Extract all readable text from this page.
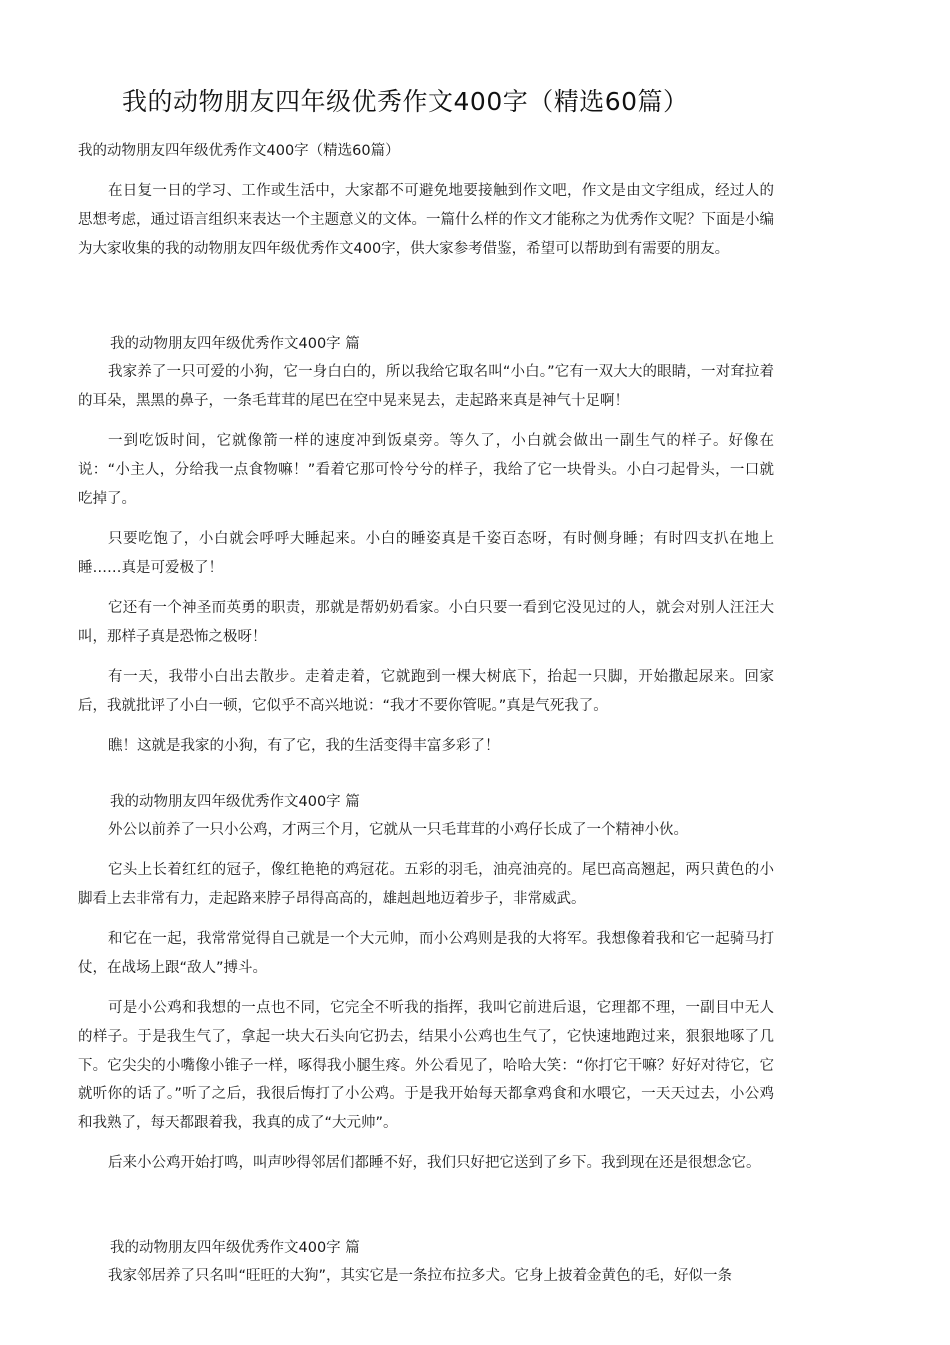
我的动物朋友四年级优秀作文400字（精选60篇）
我的动物朋友四年级优秀作文400字（精选60篇）

在日复一日的学习、工作或生活中，大家都不可避免地要接触到作文吧，作文是由文字组成，经过人的思想考虑，通过语言组织来表达一个主题意义的文体。一篇什么样的作文才能称之为优秀作文呢？下面是小编为大家收集的我的动物朋友四年级优秀作文400字，供大家参考借鉴，希望可以帮助到有需要的朋友。

我的动物朋友四年级优秀作文400字 篇

我家养了一只可爱的小狗，它一身白白的，所以我给它取名叫“小白。”它有一双大大的眼睛，一对耷拉着的耳朵，黑黑的鼻子，一条毛茸茸的尾巴在空中晃来晃去，走起路来真是神气十足啊！

一到吃饭时间，它就像箭一样的速度冲到饭桌旁。等久了，小白就会做出一副生气的样子。好像在说：“小主人，分给我一点食物嘛！”看着它那可怜兮兮的样子，我给了它一块骨头。小白刁起骨头，一口就吃掉了。

只要吃饱了，小白就会呼呼大睡起来。小白的睡姿真是千姿百态呀，有时侧身睡；有时四支扒在地上睡……真是可爱极了！

它还有一个神圣而英勇的职责，那就是帮奶奶看家。小白只要一看到它没见过的人，就会对别人汪汪大叫，那样子真是恐怖之极呀！

有一天，我带小白出去散步。走着走着，它就跑到一棵大树底下，抬起一只脚，开始撒起尿来。回家后，我就批评了小白一顿，它似乎不高兴地说：“我才不要你管呢。”真是气死我了。

瞧！这就是我家的小狗，有了它，我的生活变得丰富多彩了！

我的动物朋友四年级优秀作文400字 篇

外公以前养了一只小公鸡，才两三个月，它就从一只毛茸茸的小鸡仔长成了一个精神小伙。

它头上长着红红的冠子，像红艳艳的鸡冠花。五彩的羽毛，油亮油亮的。尾巴高高翘起，两只黄色的小脚看上去非常有力，走起路来脖子昂得高高的，雄赳赳地迈着步子，非常威武。

和它在一起，我常常觉得自己就是一个大元帅，而小公鸡则是我的大将军。我想像着我和它一起骑马打仗，在战场上跟“敌人”搏斗。

可是小公鸡和我想的一点也不同，它完全不听我的指挥，我叫它前进后退，它理都不理，一副目中无人的样子。于是我生气了，拿起一块大石头向它扔去，结果小公鸡也生气了，它快速地跑过来，狠狠地啄了几下。它尖尖的小嘴像小锥子一样，啄得我小腿生疼。外公看见了，哈哈大笑：“你打它干嘛？好好对待它，它就听你的话了。”听了之后，我很后悔打了小公鸡。于是我开始每天都拿鸡食和水喂它，一天天过去，小公鸡和我熟了，每天都跟着我，我真的成了“大元帅”。

后来小公鸡开始打鸣，叫声吵得邻居们都睡不好，我们只好把它送到了乡下。我到现在还是很想念它。

我的动物朋友四年级优秀作文400字 篇

我家邻居养了只名叫“旺旺的大狗”，其实它是一条拉布拉多犬。它身上披着金黄色的毛，好似一条
